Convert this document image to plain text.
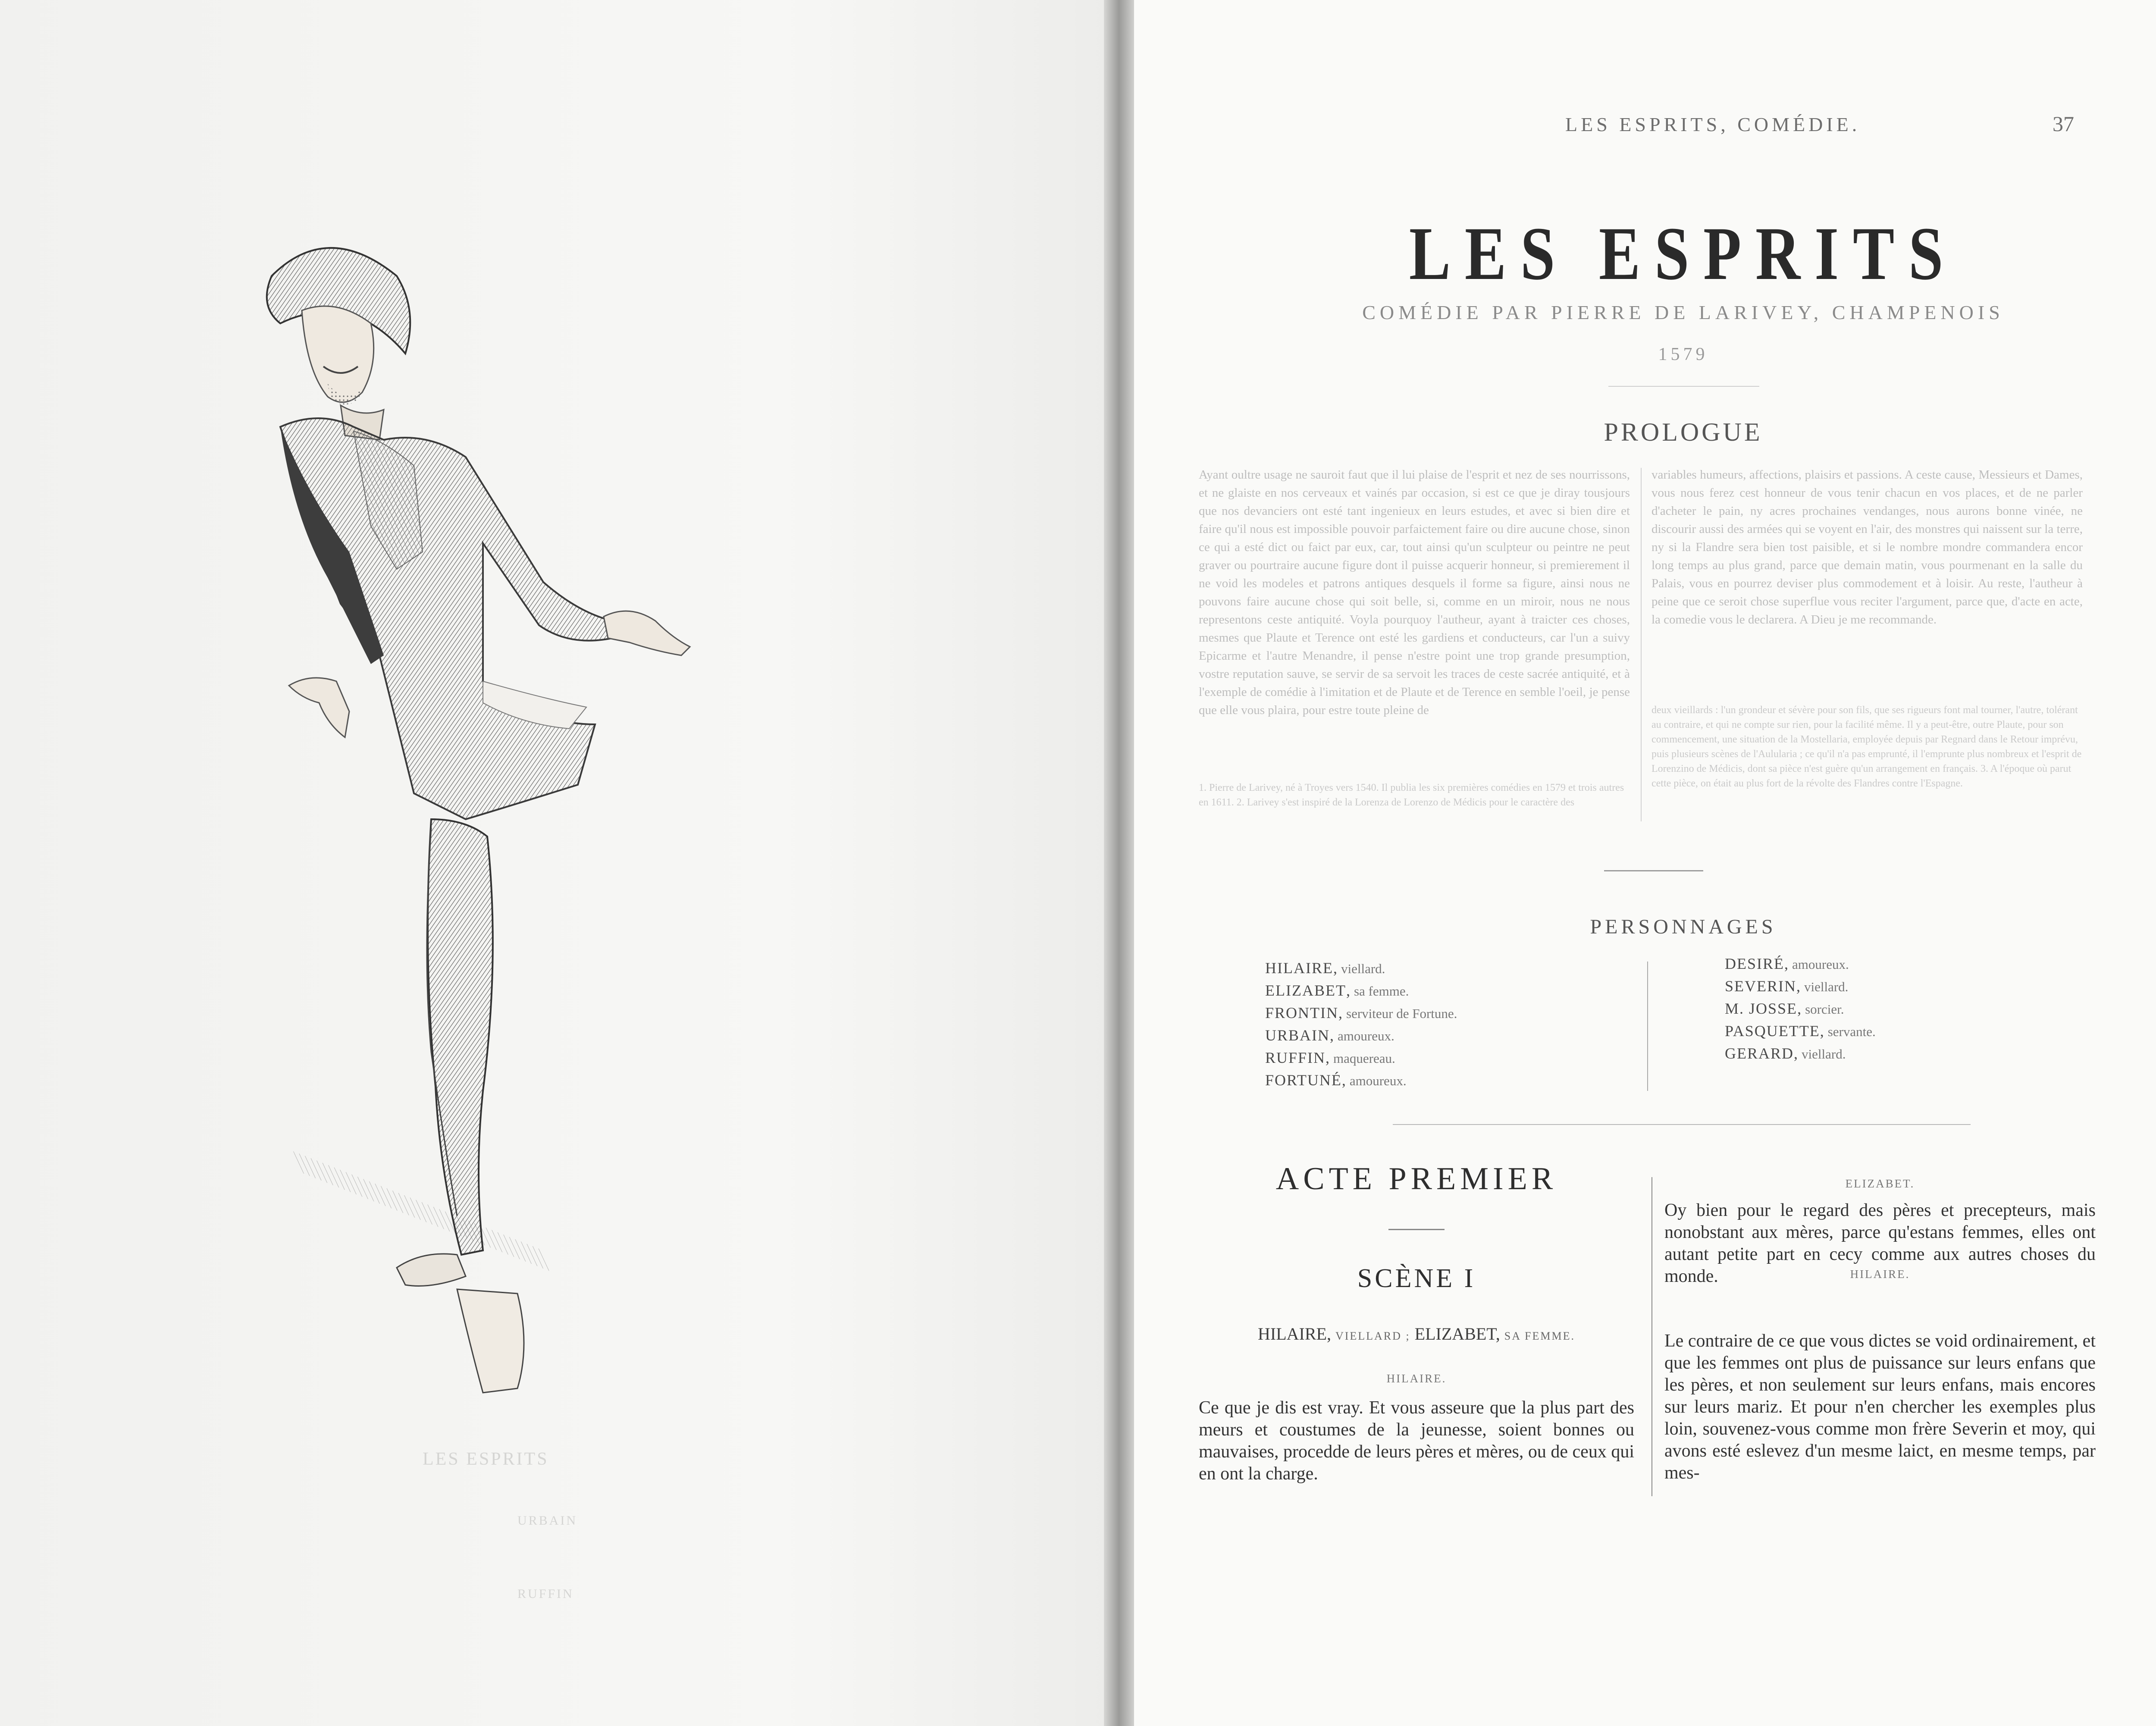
LES ESPRITS
URBAIN
RUFFIN
LES ESPRITS, COMÉDIE.	37
LES ESPRITS
COMÉDIE PAR PIERRE DE LARIVEY, CHAMPENOIS
1579
PROLOGUE
Ayant oultre usage ne sauroit faut que il lui plaise de l'esprit et nez de ses nourrissons, et ne glaiste en nos cerveaux et vainés par occasion, si est ce que je diray tousjours que nos devanciers ont esté tant ingenieux en leurs estudes, et avec si bien dire et faire qu'il nous est impossible pouvoir parfaictement faire ou dire aucune chose, sinon ce qui a esté dict ou faict par eux, car, tout ainsi qu'un sculpteur ou peintre ne peut graver ou pourtraire aucune figure dont il puisse acquerir honneur, si premierement il ne void les modeles et patrons antiques desquels il forme sa figure, ainsi nous ne pouvons faire aucune chose qui soit belle, si, comme en un miroir, nous ne nous representons ceste antiquité. Voyla pourquoy l'autheur, ayant à traicter ces choses, mesmes que Plaute et Terence ont esté les gardiens et conducteurs, car l'un a suivy Epicarme et l'autre Menandre, il pense n'estre point une trop grande presumption, vostre reputation sauve, se servir de sa servoit les traces de ceste sacrée antiquité, et à l'exemple de comédie à l'imitation et de Plaute et de Terence en semble l'oeil, je pense que elle vous plaira, pour estre toute pleine de
variables humeurs, affections, plaisirs et passions. A ceste cause, Messieurs et Dames, vous nous ferez cest honneur de vous tenir chacun en vos places, et de ne parler d'acheter le pain, ny acres prochaines vendanges, nous aurons bonne vinée, ne discourir aussi des armées qui se voyent en l'air, des monstres qui naissent sur la terre, ny si la Flandre sera bien tost paisible, et si le nombre mondre commandera encor long temps au plus grand, parce que demain matin, vous pourmenant en la salle du Palais, vous en pourrez deviser plus commodement et à loisir. Au reste, l'autheur à peine que ce seroit chose superflue vous reciter l'argument, parce que, d'acte en acte, la comedie vous le declarera. A Dieu je me recommande.
1. Pierre de Larivey, né à Troyes vers 1540. Il publia les six premières comédies en 1579 et trois autres en 1611. 2. Larivey s'est inspiré de la Lorenza de Lorenzo de Médicis pour le caractère des
deux vieillards : l'un grondeur et sévère pour son fils, que ses rigueurs font mal tourner, l'autre, tolérant au contraire, et qui ne compte sur rien, pour la facilité même. Il y a peut-être, outre Plaute, pour son commencement, une situation de la Mostellaria, employée depuis par Regnard dans le Retour imprévu, puis plusieurs scènes de l'Aulularia ; ce qu'il n'a pas emprunté, il l'emprunte plus nombreux et l'esprit de Lorenzino de Médicis, dont sa pièce n'est guère qu'un arrangement en français. 3. A l'époque où parut cette pièce, on était au plus fort de la révolte des Flandres contre l'Espagne.
PERSONNAGES
HILAIRE, viellard.
ELIZABET, sa femme.
FRONTIN, serviteur de Fortune.
URBAIN, amoureux.
RUFFIN, maquereau.
FORTUNÉ, amoureux.
DESIRÉ, amoureux.
SEVERIN, viellard.
M. JOSSE, sorcier.
PASQUETTE, servante.
GERARD, viellard.
ACTE PREMIER
SCÈNE I
HILAIRE, VIELLARD ; ELIZABET, SA FEMME.
HILAIRE.
Ce que je dis est vray. Et vous asseure que la plus part des meurs et coustumes de la jeunesse, soient bonnes ou mauvaises, procedde de leurs pères et mères, ou de ceux qui en ont la charge.
ELIZABET.
Oy bien pour le regard des pères et precepteurs, mais nonobstant aux mères, parce qu'estans femmes, elles ont autant petite part en cecy comme aux autres choses du monde.	HILAIRE.
Le contraire de ce que vous dictes se void ordinairement, et que les femmes ont plus de puissance sur leurs enfans que les pères, et non seulement sur leurs enfans, mais encores sur leurs mariz. Et pour n'en chercher les exemples plus loin, souvenez-vous comme mon frère Severin et moy, qui avons esté eslevez d'un mesme laict, en mesme temps, par mes-
